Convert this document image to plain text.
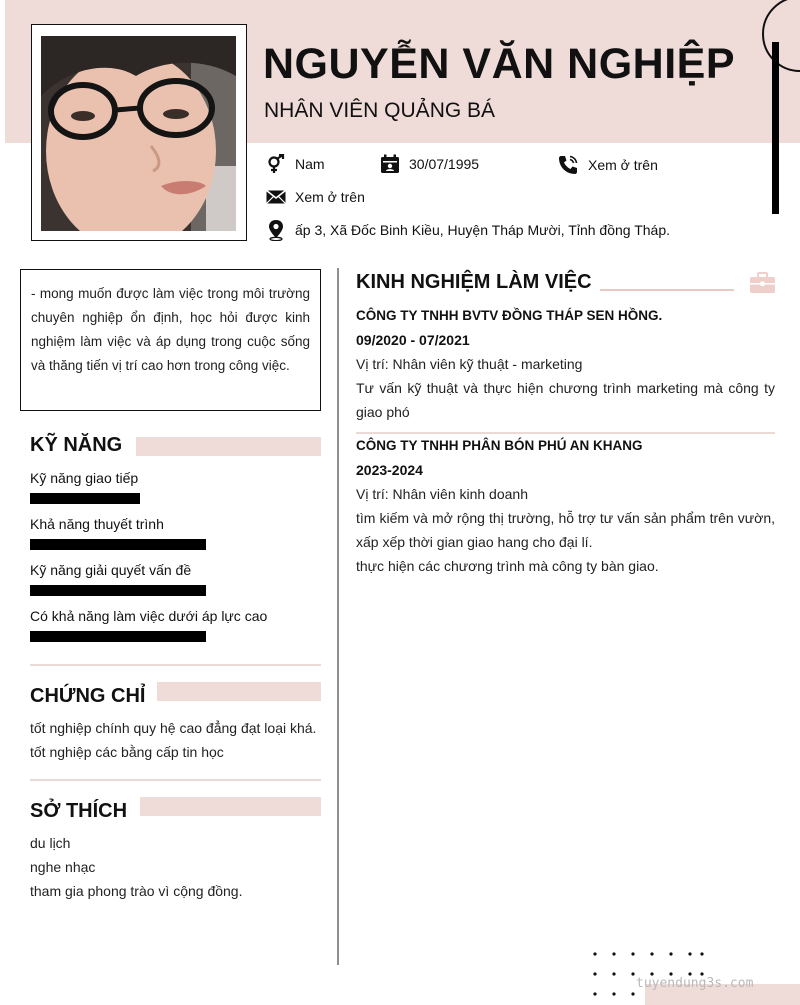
NGUYỄN VĂN NGHIỆP
NHÂN VIÊN QUẢNG BÁ
Nam	30/07/1995	Xem ở trên
Xem ở trên
ấp 3, Xã Đốc Binh Kiều, Huyện Tháp Mười, Tỉnh đồng Tháp.
- mong muốn được làm việc trong môi trường chuyên nghiệp ổn định, học hỏi được kinh nghiệm làm việc và áp dụng trong cuộc sống và thăng tiến vị trí cao hơn trong công việc.
KỸ NĂNG
Kỹ năng giao tiếp
Khả năng thuyết trình
Kỹ năng giải quyết vấn đề
Có khả năng làm việc dưới áp lực cao
CHỨNG CHỈ
tốt nghiệp chính quy hệ cao đẳng đạt loại khá.
tốt nghiệp các bằng cấp tin học
SỞ THÍCH
du lịch
nghe nhạc
tham gia phong trào vì cộng đồng.
KINH NGHIỆM LÀM VIỆC
CÔNG TY TNHH BVTV ĐỒNG THÁP SEN HỒNG.
09/2020 - 07/2021
Vị trí: Nhân viên kỹ thuật - marketing
Tư vấn kỹ thuật và thực hiện chương trình marketing mà công ty giao phó
CÔNG TY TNHH PHÂN BÓN PHÚ AN KHANG
2023-2024
Vị trí: Nhân viên kinh doanh
tìm kiếm và mở rộng thị trường, hỗ trợ tư vấn sản phẩm trên vườn, xấp xếp thời gian giao hang cho đại lí.
thực hiện các chương trình mà công ty bàn giao.
tuyendung3s.com
